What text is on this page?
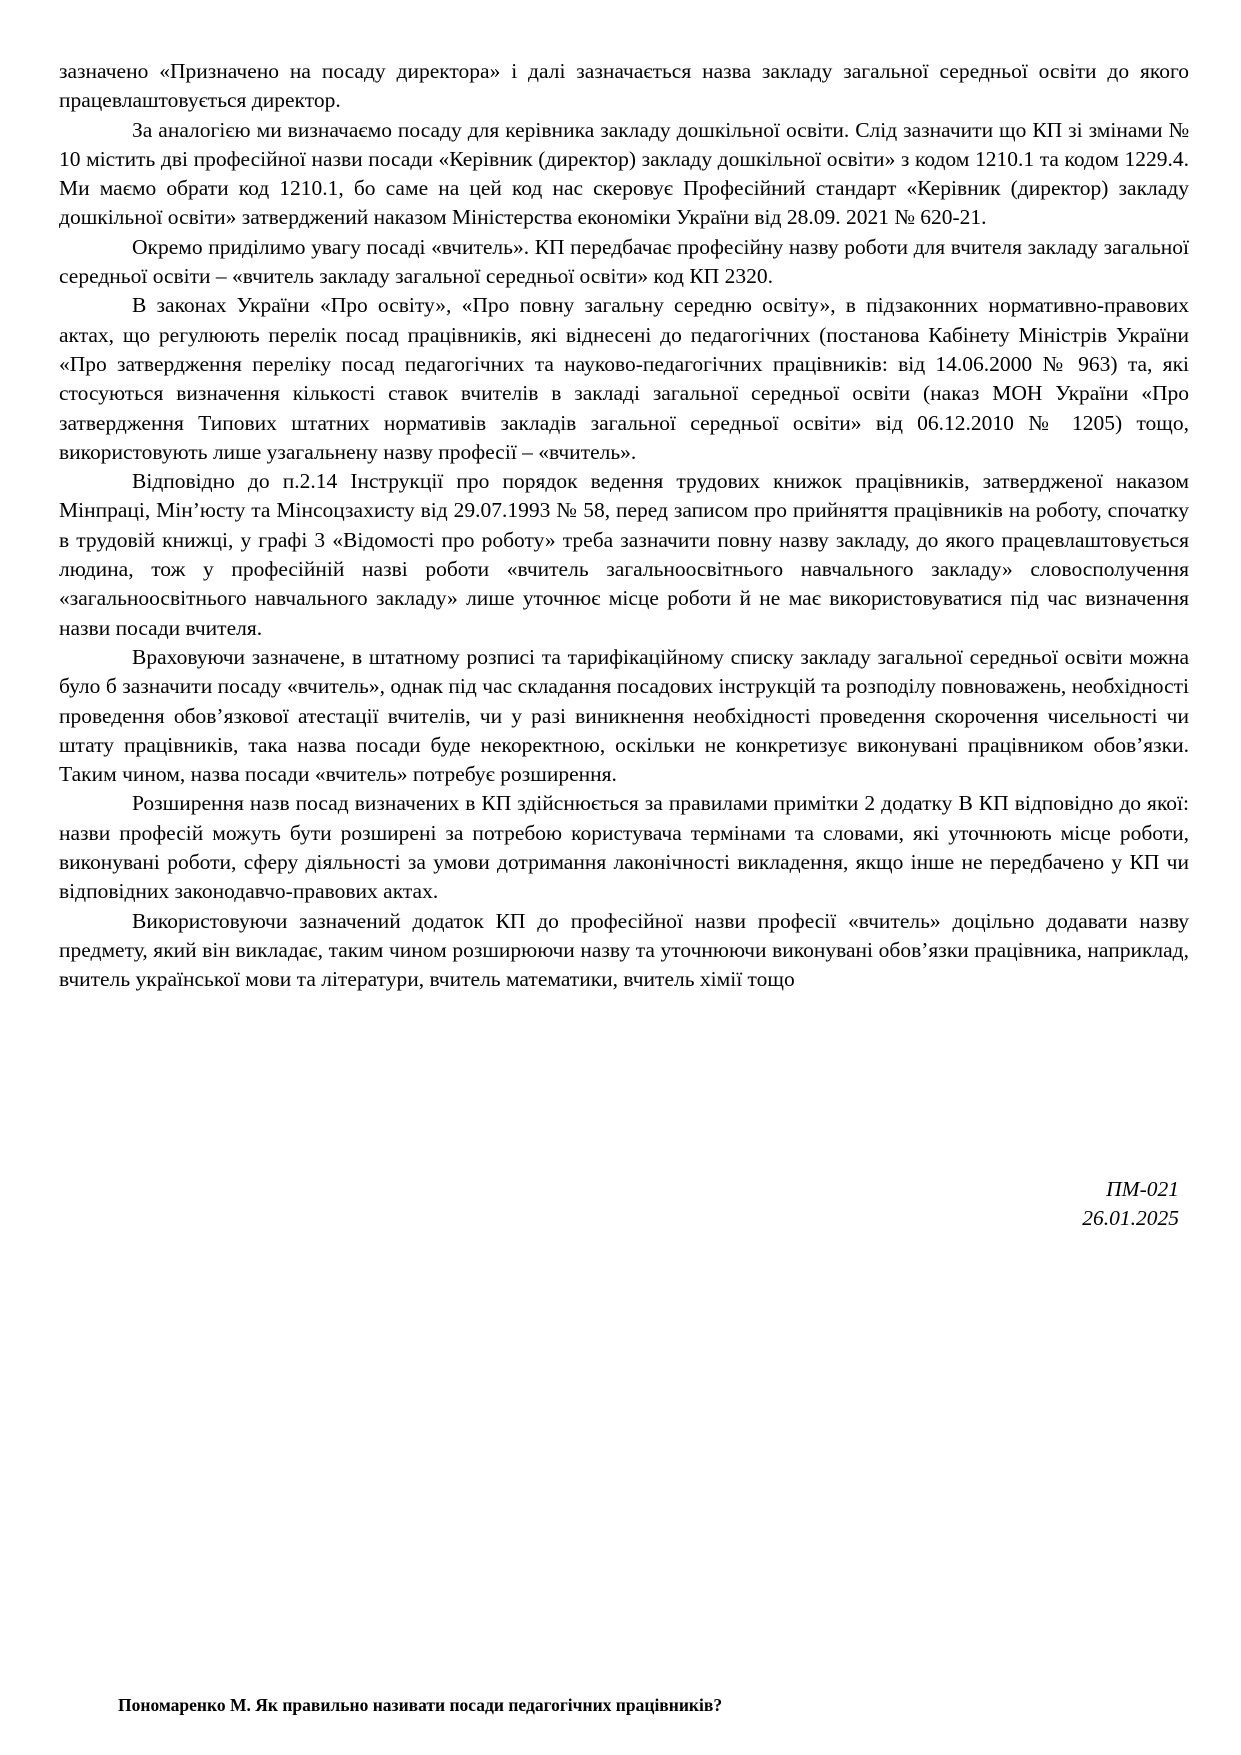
зазначено «Призначено на посаду директора» і далі зазначається назва закладу загальної середньої освіти до якого працевлаштовується директор.

За аналогією ми визначаємо посаду для керівника закладу дошкільної освіти. Слід зазначити що КП зі змінами № 10 містить дві професійної назви посади «Керівник (директор) закладу дошкільної освіти» з кодом 1210.1 та кодом 1229.4. Ми маємо обрати код 1210.1, бо саме на цей код нас скеровує Професійний стандарт «Керівник (директор) закладу дошкільної освіти» затверджений наказом Міністерства економіки України від 28.09. 2021 № 620-21.

Окремо приділимо увагу посаді «вчитель». КП передбачає професійну назву роботи для вчителя закладу загальної середньої освіти – «вчитель закладу загальної середньої освіти» код КП 2320.

В законах України «Про освіту», «Про повну загальну середню освіту», в підзаконних нормативно-правових актах, що регулюють перелік посад працівників, які віднесені до педагогічних (постанова Кабінету Міністрів України «Про затвердження переліку посад педагогічних та науково-педагогічних працівників: від 14.06.2000 № 963) та, які стосуються визначення кількості ставок вчителів в закладі загальної середньої освіти (наказ МОН України «Про затвердження Типових штатних нормативів закладів загальної середньої освіти» від 06.12.2010 № 1205) тощо, використовують лише узагальнену назву професії – «вчитель».

Відповідно до п.2.14 Інструкції про порядок ведення трудових книжок працівників, затвердженої наказом Мінпраці, Мін’юсту та Мінсоцзахисту від 29.07.1993 № 58, перед записом про прийняття працівників на роботу, спочатку в трудовій книжці, у графі 3 «Відомості про роботу» треба зазначити повну назву закладу, до якого працевлаштовується людина, тож у професійній назві роботи «вчитель загальноосвітнього навчального закладу» словосполучення «загальноосвітнього навчального закладу» лише уточнює місце роботи й не має використовуватися під час визначення назви посади вчителя.

Враховуючи зазначене, в штатному розписі та тарифікаційному списку закладу загальної середньої освіти можна було б зазначити посаду «вчитель», однак під час складання посадових інструкцій та розподілу повноважень, необхідності проведення обов’язкової атестації вчителів, чи у разі виникнення необхідності проведення скорочення чисельності чи штату працівників, така назва посади буде некоректною, оскільки не конкретизує виконувані працівником обов’язки. Таким чином, назва посади «вчитель» потребує розширення.

Розширення назв посад визначених в КП здійснюється за правилами примітки 2 додатку В КП відповідно до якої: назви професій можуть бути розширені за потребою користувача термінами та словами, які уточнюють місце роботи, виконувані роботи, сферу діяльності за умови дотримання лаконічності викладення, якщо інше не передбачено у КП чи відповідних законодавчо-правових актах.

Використовуючи зазначений додаток КП до професійної назви професії «вчитель» доцільно додавати назву предмету, який він викладає, таким чином розширюючи назву та уточнюючи виконувані обов’язки працівника, наприклад, вчитель української мови та літератури, вчитель математики, вчитель хімії тощо

ПМ-021
26.01.2025
Пономаренко М. Як правильно називати посади педагогічних працівників?
